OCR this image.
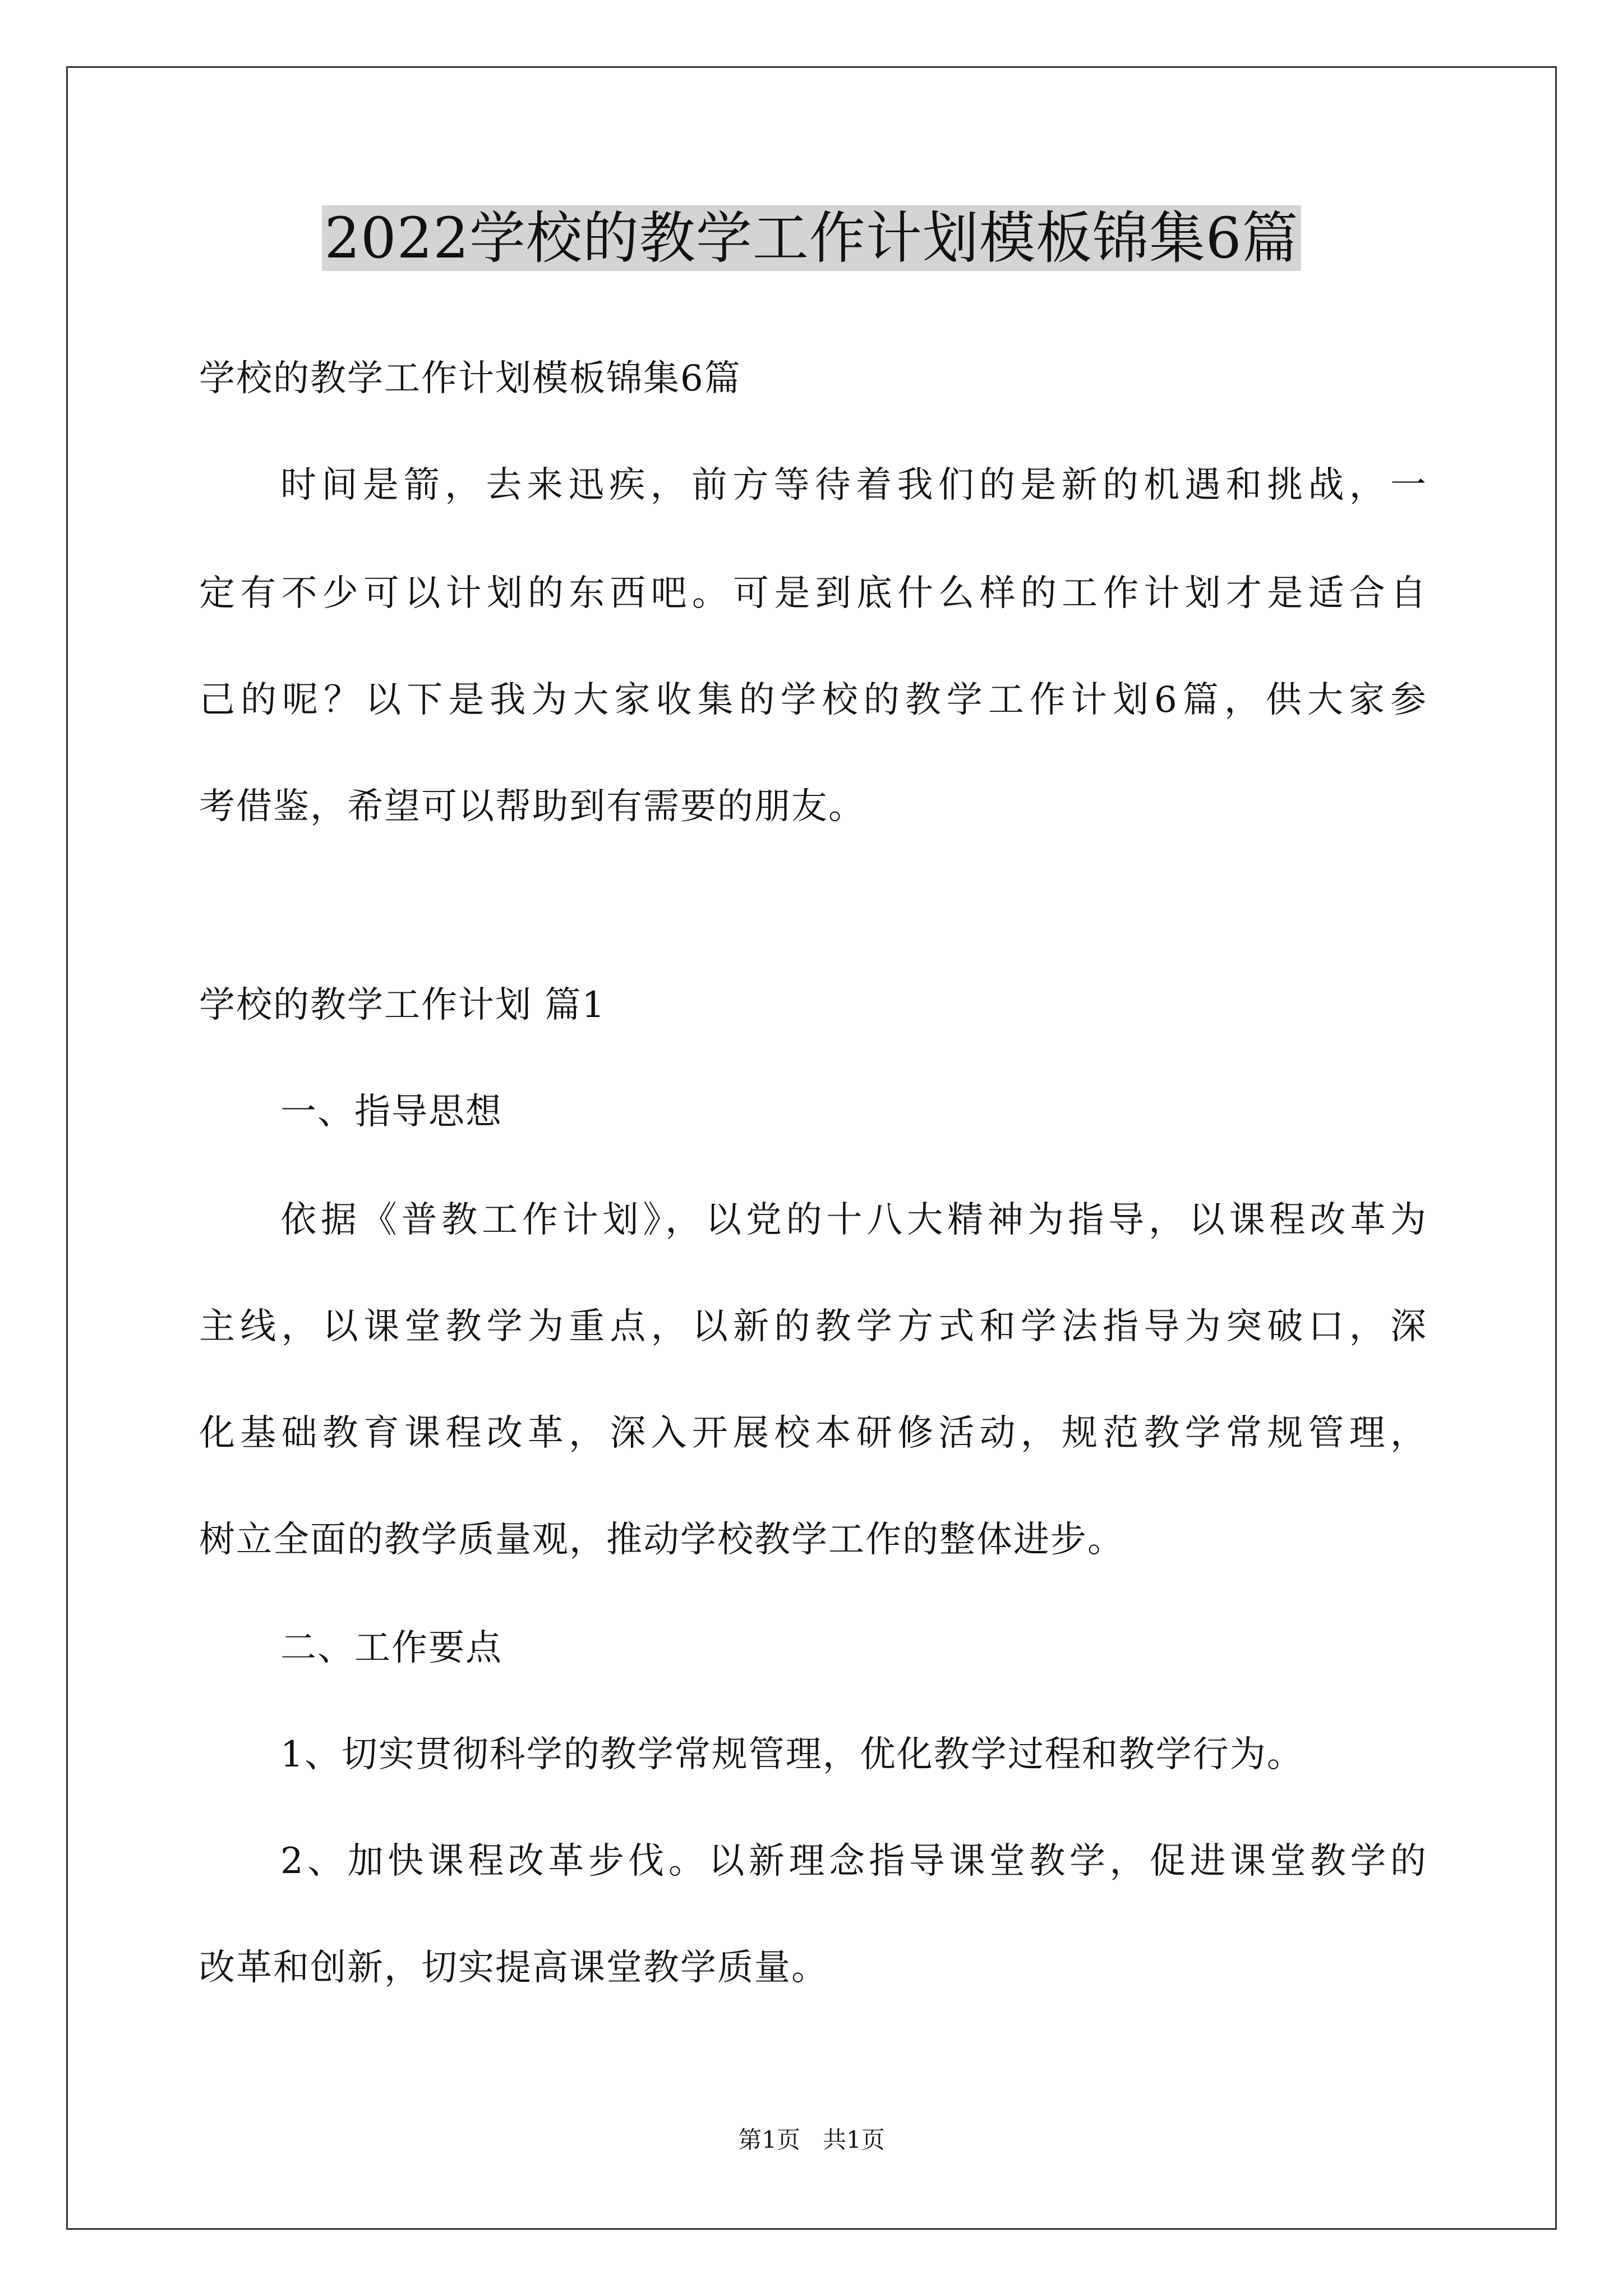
2022学校的教学工作计划模板锦集6篇

学校的教学工作计划模板锦集6篇

时间是箭，去来迅疾，前方等待着我们的是新的机遇和挑战，一

定有不少可以计划的东西吧。可是到底什么样的工作计划才是适合自

己的呢？以下是我为大家收集的学校的教学工作计划6篇，供大家参

考借鉴，希望可以帮助到有需要的朋友。

学校的教学工作计划 篇1

一、指导思想

依据《普教工作计划》，以党的十八大精神为指导，以课程改革为

主线，以课堂教学为重点，以新的教学方式和学法指导为突破口，深

化基础教育课程改革，深入开展校本研修活动，规范教学常规管理，

树立全面的教学质量观，推动学校教学工作的整体进步。

二、工作要点

1、切实贯彻科学的教学常规管理，优化教学过程和教学行为。

2、加快课程改革步伐。以新理念指导课堂教学，促进课堂教学的

改革和创新，切实提高课堂教学质量。

第1页   共1页
